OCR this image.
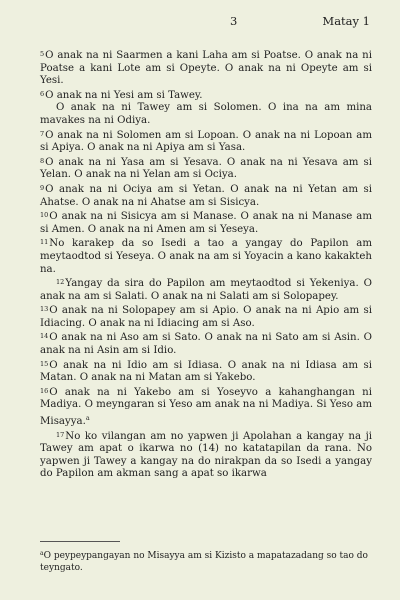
3	Matay 1

5O anak na ni Saarmen a kani Laha am si Poatse. O anak na ni Poatse a kani Lote am si Opeyte. O anak na ni Opeyte am si Yesi.

6O anak na ni Yesi am si Tawey.

O anak na ni Tawey am si Solomen. O ina na am mina mavakes na ni Odiya.

7O anak na ni Solomen am si Lopoan. O anak na ni Lopoan am si Apiya. O anak na ni Apiya am si Yasa.

8O anak na ni Yasa am si Yesava. O anak na ni Yesava am si Yelan. O anak na ni Yelan am si Ociya.

9O anak na ni Ociya am si Yetan. O anak na ni Yetan am si Ahatse. O anak na ni Ahatse am si Sisicya.

10O anak na ni Sisicya am si Manase. O anak na ni Manase am si Amen. O anak na ni Amen am si Yeseya.

11No karakep da so Isedi a tao a yangay do Papilon am meytaodtod si Yeseya. O anak na am si Yoyacin a kano kakakteh na.

12Yangay da sira do Papilon am meytaodtod si Yekeniya. O anak na am si Salati. O anak na ni Salati am si Solopapey.

13O anak na ni Solopapey am si Apio. O anak na ni Apio am si Idiacing. O anak na ni Idiacing am si Aso.

14O anak na ni Aso am si Sato. O anak na ni Sato am si Asin. O anak na ni Asin am si Idio.

15O anak na ni Idio am si Idiasa. O anak na ni Idiasa am si Matan. O anak na ni Matan am si Yakebo.

16O anak na ni Yakebo am si Yoseyvo a kahanghangan ni Madiya. O meyngaran si Yeso am anak na ni Madiya. Si Yeso am Misayya.$^a$

17No ko vilangan am no yapwen ji Apolahan a kangay na ji Tawey am apat o ikarwa no (14) no katatapilan da rana. No yapwen ji Tawey a kangay na do nirakpan da so Isedi a yangay do Papilon am akman sang a apat so ikarwa

$^a$O peypeypangayan no Misayya am si Kizisto a mapatazadang so tao do teyngato.
